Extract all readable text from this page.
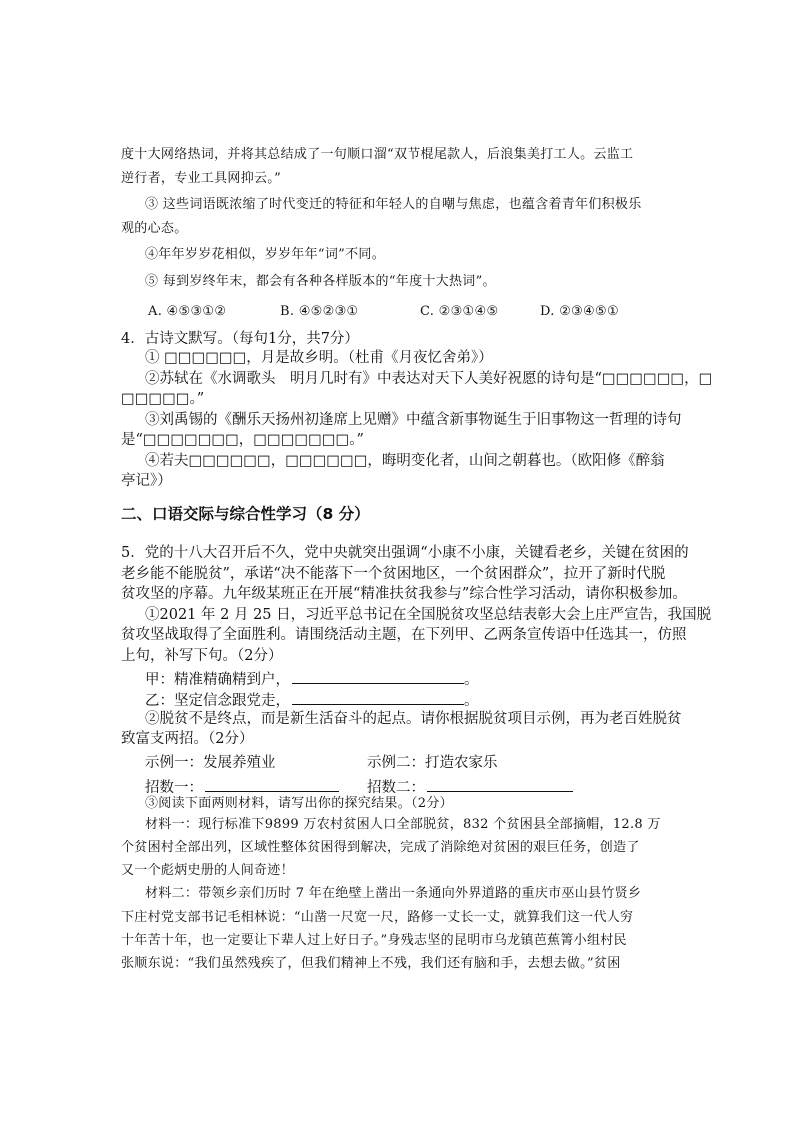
度十大网络热词，并将其总结成了一句顺口溜“双节棍尾款人，后浪集美打工人。云监工
逆行者，专业工具网抑云。”
③ 这些词语既浓缩了时代变迁的特征和年轻人的自嘲与焦虑，也蕴含着青年们积极乐
观的心态。
④年年岁岁花相似，岁岁年年“词”不同。
⑤ 每到岁终年末，都会有各种各样版本的“年度十大热词”。
A. ④⑤③①②	B. ④⑤②③①	C. ②③①④⑤	D. ②③④⑤①
4．古诗文默写。（每句1分，共7分）
① □□□□□□，月是故乡明。（杜甫《月夜忆舍弟》）
②苏轼在《水调歌头　明月几时有》中表达对天下人美好祝愿的诗句是“□□□□□□，□
□□□□□。”
③刘禹锡的《酬乐天扬州初逢席上见赠》中蕴含新事物诞生于旧事物这一哲理的诗句
是“□□□□□□□，□□□□□□□。”
④若夫□□□□□□，□□□□□□，晦明变化者，山间之朝暮也。（欧阳修《醉翁
亭记》）
二、口语交际与综合性学习（8 分）
5．党的十八大召开后不久，党中央就突出强调“小康不小康，关键看老乡，关键在贫困的
老乡能不能脱贫”，承诺“决不能落下一个贫困地区，一个贫困群众”，拉开了新时代脱
贫攻坚的序幕。九年级某班正在开展“精准扶贫我参与”综合性学习活动，请你积极参加。
①2021 年 2 月 25 日，习近平总书记在全国脱贫攻坚总结表彰大会上庄严宣告，我国脱
贫攻坚战取得了全面胜利。请围绕活动主题，在下列甲、乙两条宣传语中任选其一，仿照
上句，补写下句。（2分）
甲：精准精确精到户，	。
乙：坚定信念跟党走，	。
②脱贫不是终点，而是新生活奋斗的起点。请你根据脱贫项目示例，再为老百姓脱贫
致富支两招。（2分）
示例一：发展养殖业	示例二：打造农家乐
招数一：	招数二：
③阅读下面两则材料，请写出你的探究结果。（2分）
材料一：现行标准下9899 万农村贫困人口全部脱贫，832 个贫困县全部摘帽，12.8 万
个贫困村全部出列，区域性整体贫困得到解决，完成了消除绝对贫困的艰巨任务，创造了
又一个彪炳史册的人间奇迹！
材料二：带领乡亲们历时 7 年在绝壁上凿出一条通向外界道路的重庆市巫山县竹贤乡
下庄村党支部书记毛相林说：“山凿一尺宽一尺，路修一丈长一丈，就算我们这一代人穷
十年苦十年，也一定要让下辈人过上好日子。”身残志坚的昆明市乌龙镇芭蕉箐小组村民
张顺东说：“我们虽然残疾了，但我们精神上不残，我们还有脑和手，去想去做。”贫困
